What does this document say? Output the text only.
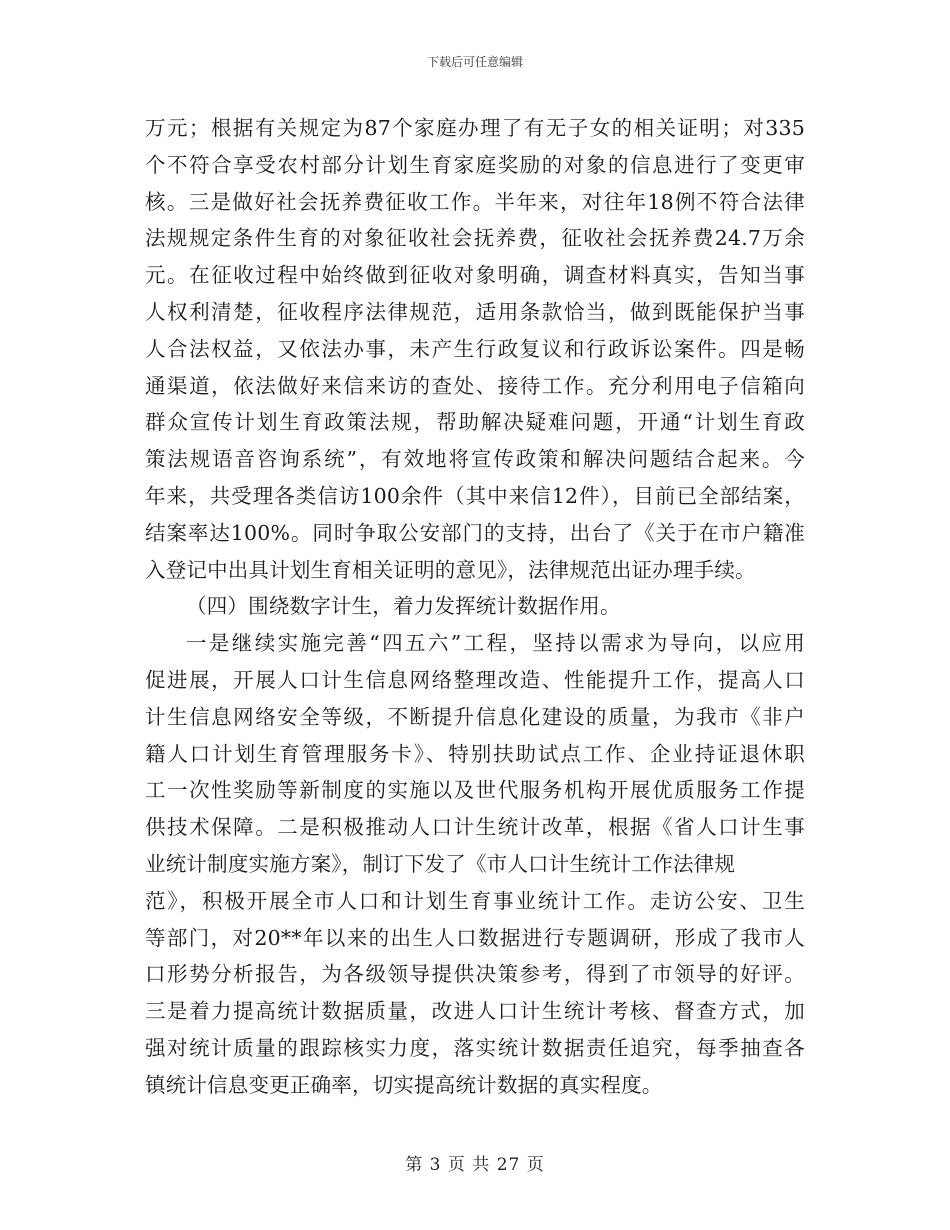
下载后可任意编辑
万元；根据有关规定为87个家庭办理了有无子女的相关证明；对335
个不符合享受农村部分计划生育家庭奖励的对象的信息进行了变更审
核。三是做好社会抚养费征收工作。半年来，对往年18例不符合法律
法规规定条件生育的对象征收社会抚养费，征收社会抚养费24.7万余
元。在征收过程中始终做到征收对象明确，调查材料真实，告知当事
人权利清楚，征收程序法律规范，适用条款恰当，做到既能保护当事
人合法权益，又依法办事，未产生行政复议和行政诉讼案件。四是畅
通渠道，依法做好来信来访的查处、接待工作。充分利用电子信箱向
群众宣传计划生育政策法规，帮助解决疑难问题，开通“计划生育政
策法规语音咨询系统”，有效地将宣传政策和解决问题结合起来。今
年来，共受理各类信访100余件（其中来信12件），目前已全部结案，
结案率达100%。同时争取公安部门的支持，出台了《关于在市户籍准
入登记中出具计划生育相关证明的意见》，法律规范出证办理手续。
（四）围绕数字计生，着力发挥统计数据作用。
一是继续实施完善“四五六”工程，坚持以需求为导向，以应用
促进展，开展人口计生信息网络整理改造、性能提升工作，提高人口
计生信息网络安全等级，不断提升信息化建设的质量，为我市《非户
籍人口计划生育管理服务卡》、特别扶助试点工作、企业持证退休职
工一次性奖励等新制度的实施以及世代服务机构开展优质服务工作提
供技术保障。二是积极推动人口计生统计改革，根据《省人口计生事
业统计制度实施方案》，制订下发了《市人口计生统计工作法律规
范》，积极开展全市人口和计划生育事业统计工作。走访公安、卫生
等部门，对20**年以来的出生人口数据进行专题调研，形成了我市人
口形势分析报告，为各级领导提供决策参考，得到了市领导的好评。
三是着力提高统计数据质量，改进人口计生统计考核、督查方式，加
强对统计质量的跟踪核实力度，落实统计数据责任追究，每季抽查各
镇统计信息变更正确率，切实提高统计数据的真实程度。
第 3 页 共 27 页
